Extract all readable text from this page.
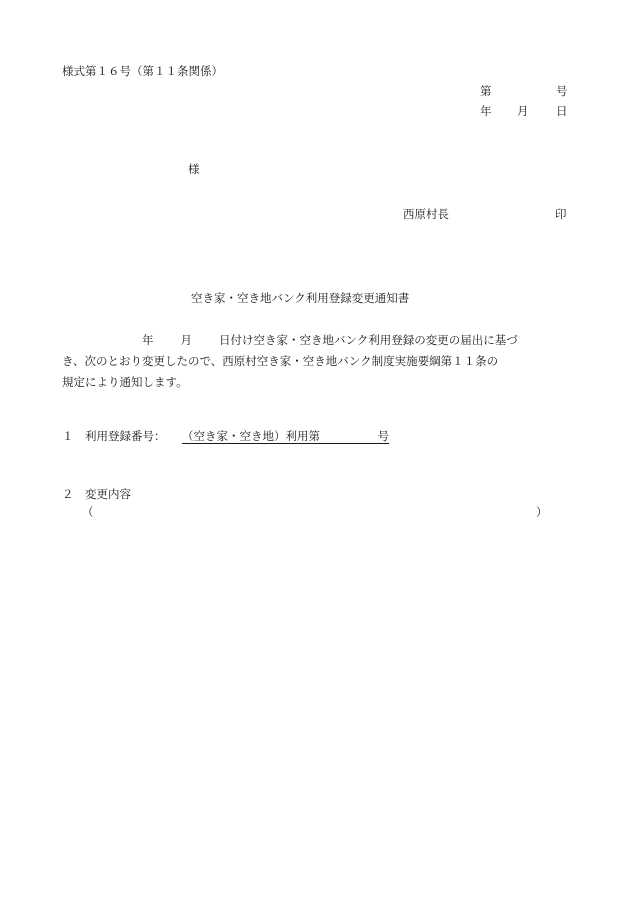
様式第１６号（第１１条関係）
第	号
年 月 日
様
西原村長	印
空き家・空き地バンク利用登録変更通知書
年 月 日付け空き家・空き地バンク利用登録の変更の届出に基づ
き、次のとおり変更したので、西原村空き家・空き地バンク制度実施要綱第１１条の
規定により通知します。
１　利用登録番号： （空き家・空き地）利用第　　　　　号
２　変更内容
（	）
